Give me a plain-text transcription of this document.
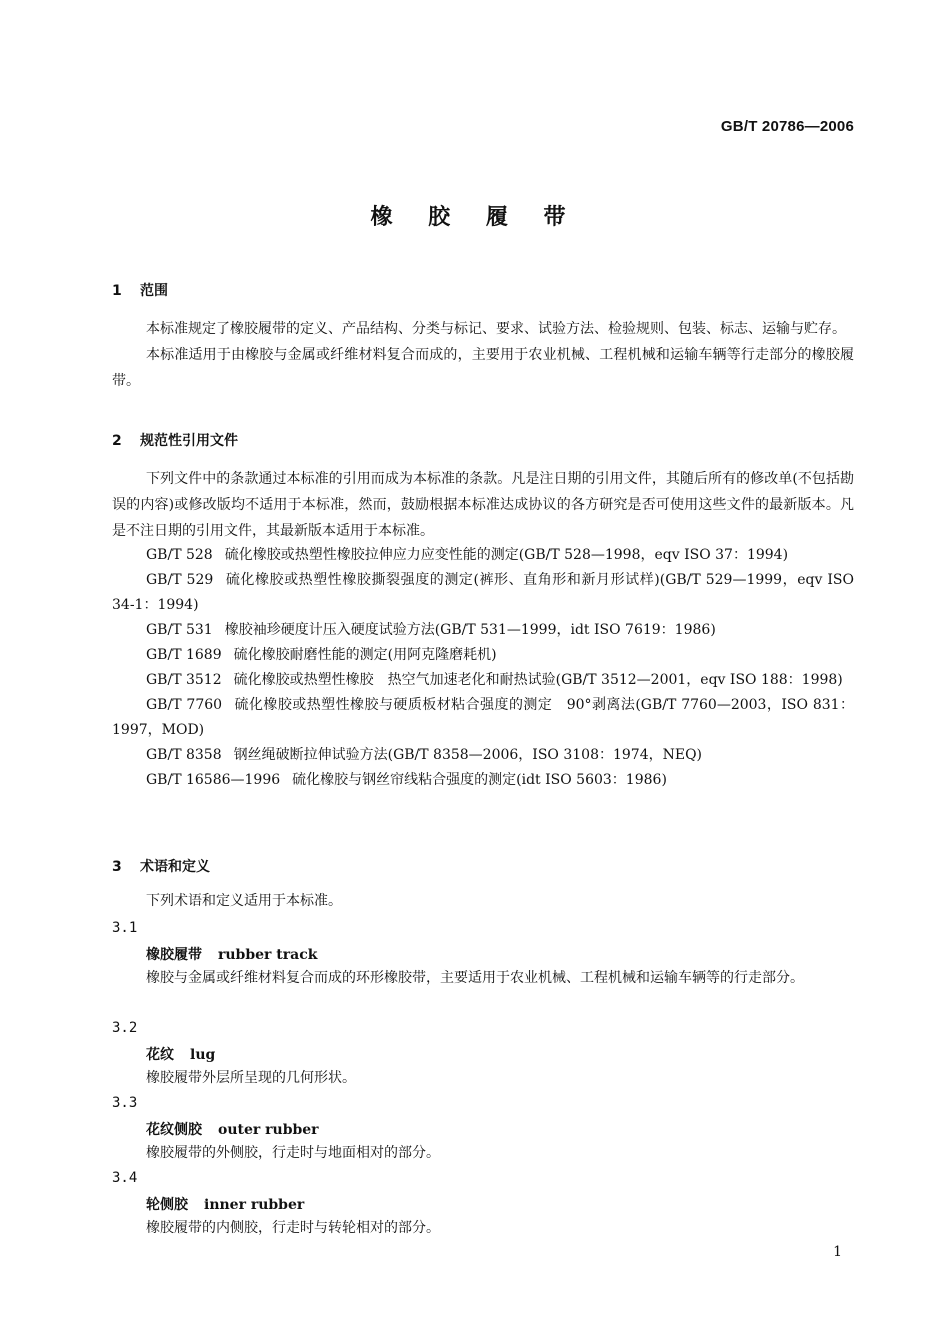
GB/T 20786—2006
橡 胶 履 带
1 范围

本标准规定了橡胶履带的定义、产品结构、分类与标记、要求、试验方法、检验规则、包装、标志、运输与贮存。

本标准适用于由橡胶与金属或纤维材料复合而成的，主要用于农业机械、工程机械和运输车辆等行走部分的橡胶履带。

2 规范性引用文件

下列文件中的条款通过本标准的引用而成为本标准的条款。凡是注日期的引用文件，其随后所有的修改单(不包括勘误的内容)或修改版均不适用于本标准，然而，鼓励根据本标准达成协议的各方研究是否可使用这些文件的最新版本。凡是不注日期的引用文件，其最新版本适用于本标准。

GB/T 528 硫化橡胶或热塑性橡胶拉伸应力应变性能的测定(GB/T 528—1998，eqv ISO 37：1994)

GB/T 529 硫化橡胶或热塑性橡胶撕裂强度的测定(裤形、直角形和新月形试样)(GB/T 529—1999，eqv ISO 34-1：1994)

GB/T 531 橡胶袖珍硬度计压入硬度试验方法(GB/T 531—1999，idt ISO 7619：1986)

GB/T 1689 硫化橡胶耐磨性能的测定(用阿克隆磨耗机)

GB/T 3512 硫化橡胶或热塑性橡胶　热空气加速老化和耐热试验(GB/T 3512—2001，eqv ISO 188：1998)

GB/T 7760 硫化橡胶或热塑性橡胶与硬质板材粘合强度的测定　90°剥离法(GB/T 7760—2003，ISO 831：1997，MOD)

GB/T 8358 钢丝绳破断拉伸试验方法(GB/T 8358—2006，ISO 3108：1974，NEQ)

GB/T 16586—1996 硫化橡胶与钢丝帘线粘合强度的测定(idt ISO 5603：1986)

3 术语和定义

下列术语和定义适用于本标准。

3.1
橡胶履带 rubber track

橡胶与金属或纤维材料复合而成的环形橡胶带，主要适用于农业机械、工程机械和运输车辆等的行走部分。

3.2
花纹 lug

橡胶履带外层所呈现的几何形状。

3.3
花纹侧胶 outer rubber

橡胶履带的外侧胶，行走时与地面相对的部分。

3.4
轮侧胶 inner rubber

橡胶履带的内侧胶，行走时与转轮相对的部分。

1
